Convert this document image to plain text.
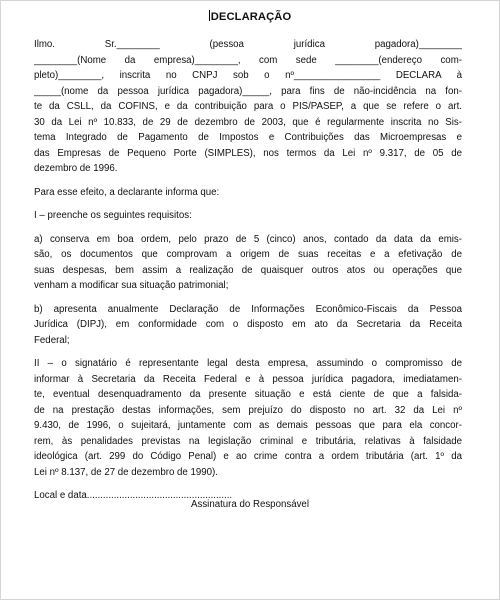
DECLARAÇÃO
Ilmo. Sr.________ (pessoa jurídica pagadora)________
________(Nome da empresa)________, com sede ________(endereço com-
pleto)________, inscrita no CNPJ sob o nº________________ DECLARA à
_____(nome da pessoa jurídica pagadora)_____, para fins de não-incidência na fon-
te da CSLL, da COFINS, e da contribuição para o PIS/PASEP, a que se refere o art.
30 da Lei nº 10.833, de 29 de dezembro de 2003, que é regularmente inscrita no Sis-
tema Integrado de Pagamento de Impostos e Contribuições das Microempresas e
das Empresas de Pequeno Porte (SIMPLES), nos termos da Lei nº 9.317, de 05 de
dezembro de 1996.
Para esse efeito, a declarante informa que:
I – preenche os seguintes requisitos:
a) conserva em boa ordem, pelo prazo de 5 (cinco) anos, contado da data da emis-
são, os documentos que comprovam a origem de suas receitas e a efetivação de
suas despesas, bem assim a realização de quaisquer outros atos ou operações que
venham a modificar sua situação patrimonial;
b) apresenta anualmente Declaração de Informações Econômico-Fiscais da Pessoa
Jurídica (DIPJ), em conformidade com o disposto em ato da Secretaria da Receita
Federal;
II – o signatário é representante legal desta empresa, assumindo o compromisso de
informar à Secretaria da Receita Federal e à pessoa jurídica pagadora, imediatamen-
te, eventual desenquadramento da presente situação e está ciente de que a falsida-
de na prestação destas informações, sem prejuízo do disposto no art. 32 da Lei nº
9.430, de 1996, o sujeitará, juntamente com as demais pessoas que para ela concor-
rem, às penalidades previstas na legislação criminal e tributária, relativas à falsidade
ideológica (art. 299 do Código Penal) e ao crime contra a ordem tributária (art. 1º da
Lei nº 8.137, de 27 de dezembro de 1990).
Local e data......................................................
Assinatura do Responsável
